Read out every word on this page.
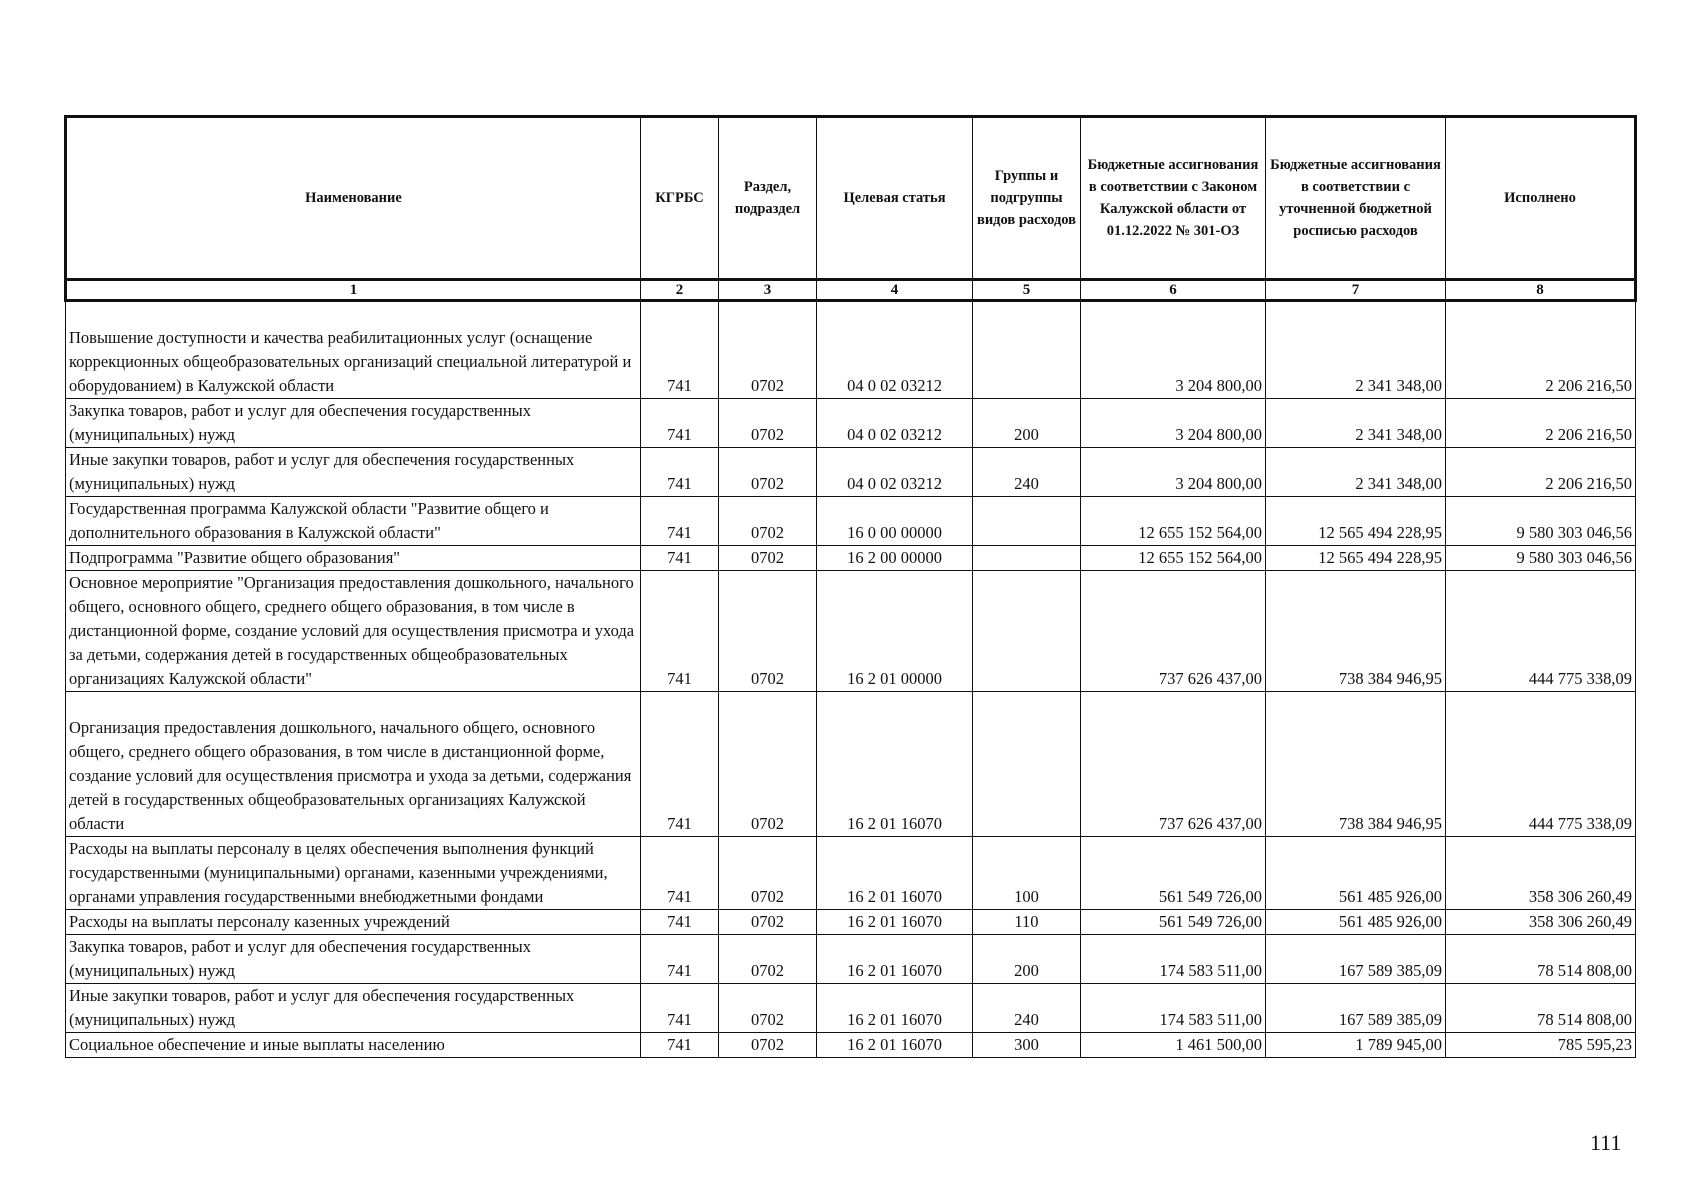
Наименование	КГРБС	Раздел, подраздел	Целевая статья	Группы и подгруппы видов расходов	Бюджетные ассигнования в соответствии с Законом Калужской области от 01.12.2022 № 301-ОЗ	Бюджетные ассигнования в соответствии с уточненной бюджетной росписью расходов	Исполнено
1	2	3	4	5	6	7	8
Повышение доступности и качества реабилитационных услуг (оснащение коррекционных общеобразовательных организаций специальной литературой и оборудованием) в Калужской области	741	0702	04 0 02 03212		3 204 800,00	2 341 348,00	2 206 216,50
Закупка товаров, работ и услуг для обеспечения государственных (муниципальных) нужд	741	0702	04 0 02 03212	200	3 204 800,00	2 341 348,00	2 206 216,50
Иные закупки товаров, работ и услуг для обеспечения государственных (муниципальных) нужд	741	0702	04 0 02 03212	240	3 204 800,00	2 341 348,00	2 206 216,50
Государственная программа Калужской области "Развитие общего и дополнительного образования в Калужской области"	741	0702	16 0 00 00000		12 655 152 564,00	12 565 494 228,95	9 580 303 046,56
Подпрограмма "Развитие общего образования"	741	0702	16 2 00 00000		12 655 152 564,00	12 565 494 228,95	9 580 303 046,56
Основное мероприятие "Организация предоставления дошкольного, начального общего, основного общего, среднего общего образования, в том числе в дистанционной форме, создание условий для осуществления присмотра и ухода за детьми, содержания детей в государственных общеобразовательных организациях Калужской области"	741	0702	16 2 01 00000		737 626 437,00	738 384 946,95	444 775 338,09
Организация предоставления дошкольного, начального общего, основного общего, среднего общего образования, в том числе в дистанционной форме, создание условий для осуществления присмотра и ухода за детьми, содержания детей в государственных общеобразовательных организациях Калужской области	741	0702	16 2 01 16070		737 626 437,00	738 384 946,95	444 775 338,09
Расходы на выплаты персоналу в целях обеспечения выполнения функций государственными (муниципальными) органами, казенными учреждениями, органами управления государственными внебюджетными фондами	741	0702	16 2 01 16070	100	561 549 726,00	561 485 926,00	358 306 260,49
Расходы на выплаты персоналу казенных учреждений	741	0702	16 2 01 16070	110	561 549 726,00	561 485 926,00	358 306 260,49
Закупка товаров, работ и услуг для обеспечения государственных (муниципальных) нужд	741	0702	16 2 01 16070	200	174 583 511,00	167 589 385,09	78 514 808,00
Иные закупки товаров, работ и услуг для обеспечения государственных (муниципальных) нужд	741	0702	16 2 01 16070	240	174 583 511,00	167 589 385,09	78 514 808,00
Социальное обеспечение и иные выплаты населению	741	0702	16 2 01 16070	300	1 461 500,00	1 789 945,00	785 595,23
111
